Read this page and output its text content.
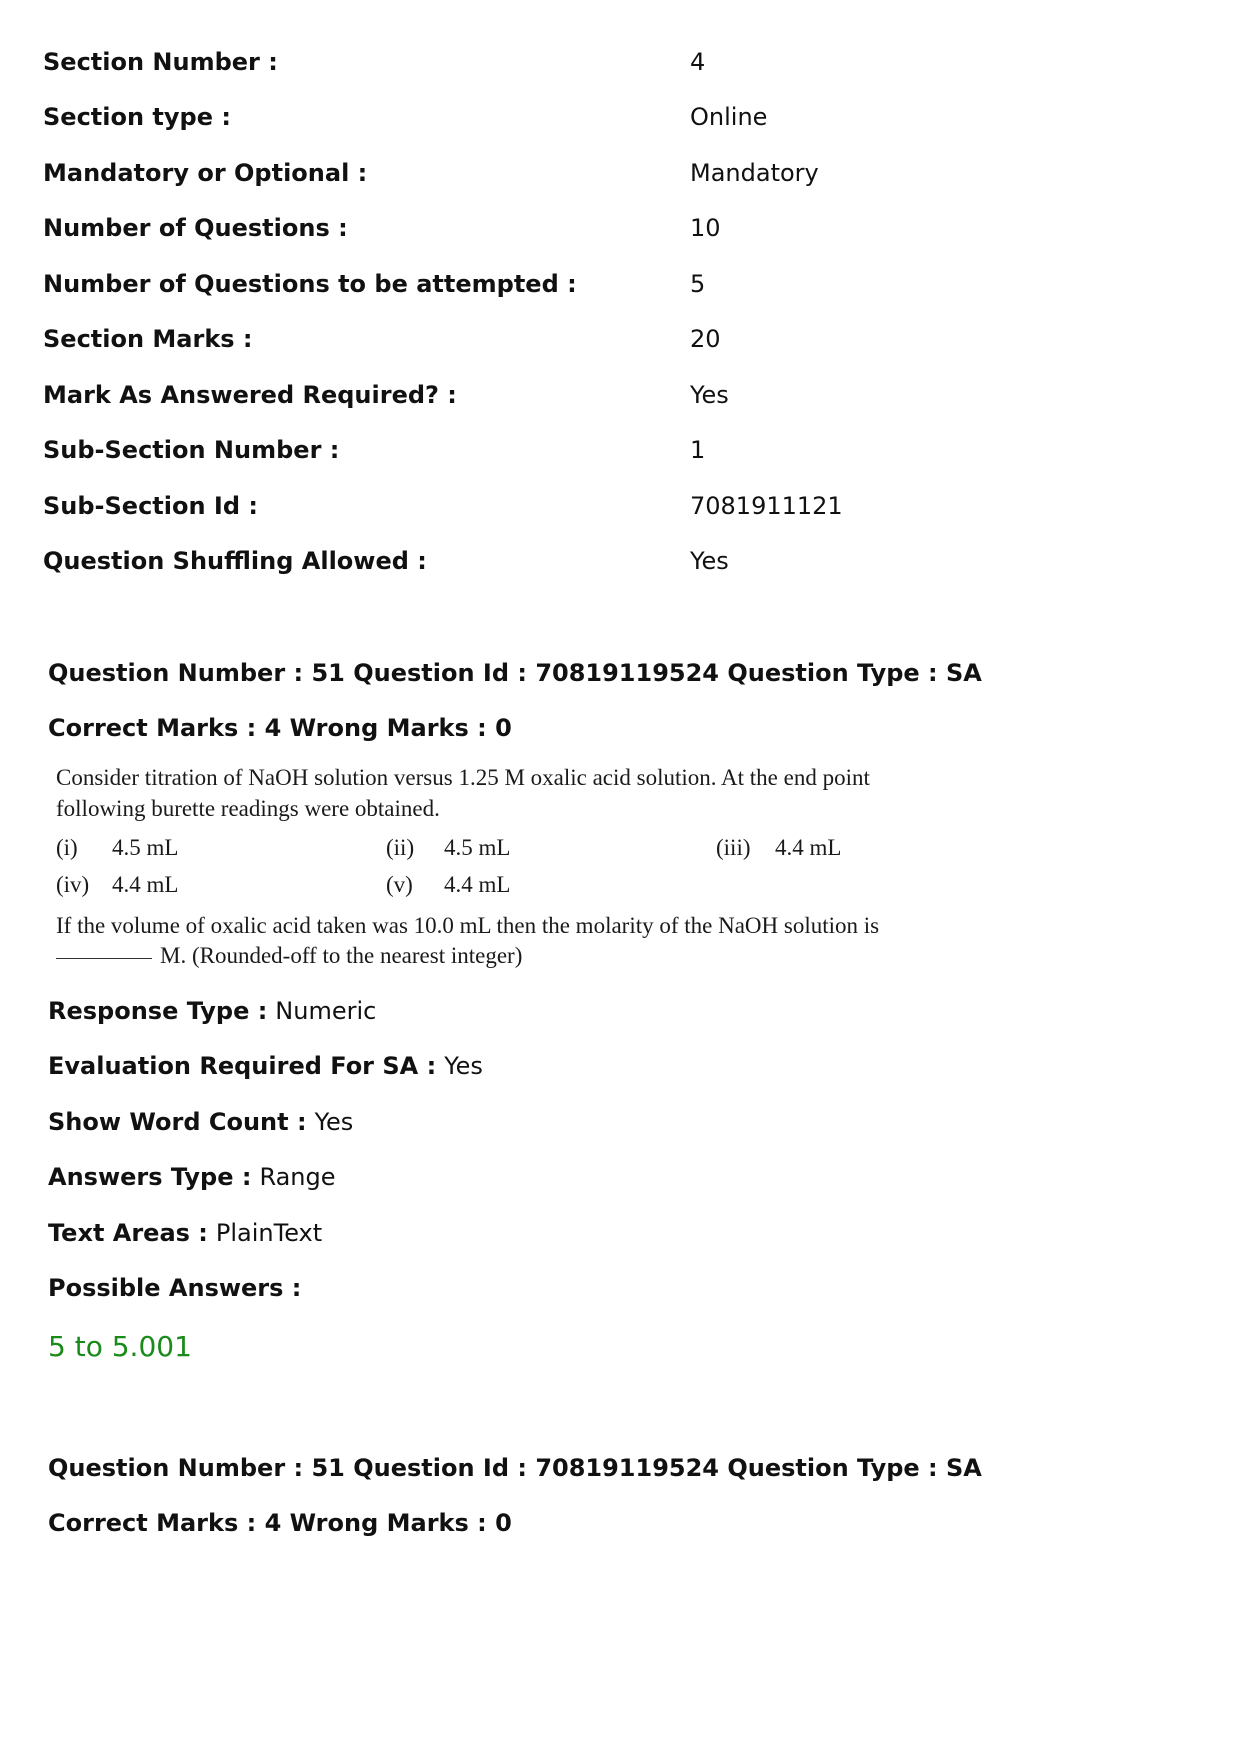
Section Number :	4
Section type :	Online
Mandatory or Optional :	Mandatory
Number of Questions :	10
Number of Questions to be attempted :	5
Section Marks :	20
Mark As Answered Required? :	Yes
Sub-Section Number :	1
Sub-Section Id :	7081911121
Question Shuffling Allowed :	Yes
Question Number : 51 Question Id : 70819119524 Question Type : SA
Correct Marks : 4 Wrong Marks : 0
Consider titration of NaOH solution versus 1.25 M oxalic acid solution. At the end point
following burette readings were obtained.
(i) 4.5 mL	(ii) 4.5 mL	(iii) 4.4 mL
(iv) 4.4 mL	(v) 4.4 mL
If the volume of oxalic acid taken was 10.0 mL then the molarity of the NaOH solution is
M. (Rounded-off to the nearest integer)
Response Type : Numeric
Evaluation Required For SA : Yes
Show Word Count : Yes
Answers Type : Range
Text Areas : PlainText
Possible Answers :
5 to 5.001
Question Number : 51 Question Id : 70819119524 Question Type : SA
Correct Marks : 4 Wrong Marks : 0
